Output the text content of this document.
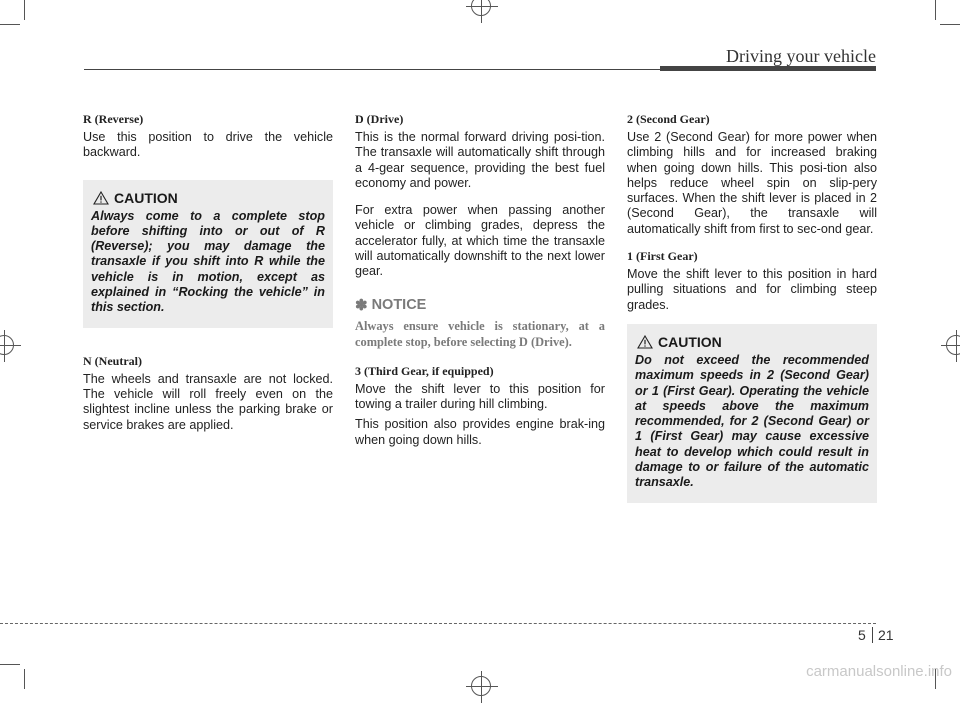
Driving your vehicle

R (Reverse)

Use this position to drive the vehicle backward.

CAUTION

Always come to a complete stop before shifting into or out of R (Reverse); you may damage the transaxle if you shift into R while the vehicle is in motion, except as explained in “Rocking the vehicle” in this section.

N (Neutral)

The wheels and transaxle are not locked. The vehicle will roll freely even on the slightest incline unless the parking brake or service brakes are applied.

D (Drive)

This is the normal forward driving posi-tion. The transaxle will automatically shift through a 4-gear sequence, providing the best fuel economy and power.

For extra power when passing another vehicle or climbing grades, depress the accelerator fully, at which time the transaxle will automatically downshift to the next lower gear.

✽ NOTICE

Always ensure vehicle is stationary, at a complete stop, before selecting D (Drive).

3 (Third Gear, if equipped)

Move the shift lever to this position for towing a trailer during hill climbing.

This position also provides engine brak-ing when going down hills.

2 (Second Gear)

Use 2 (Second Gear) for more power when climbing hills and for increased braking when going down hills. This posi-tion also helps reduce wheel spin on slip-pery surfaces. When the shift lever is placed in 2 (Second Gear), the transaxle will automatically shift from first to sec-ond gear.

1 (First Gear)

Move the shift lever to this position in hard pulling situations and for climbing steep grades.

CAUTION

Do not exceed the recommended maximum speeds in 2 (Second Gear) or 1 (First Gear). Operating the vehicle at speeds above the maximum recommended, for 2 (Second Gear) or 1 (First Gear) may cause excessive heat to develop which could result in damage to or failure of the automatic transaxle.

5 21
carmanualsonline.info
